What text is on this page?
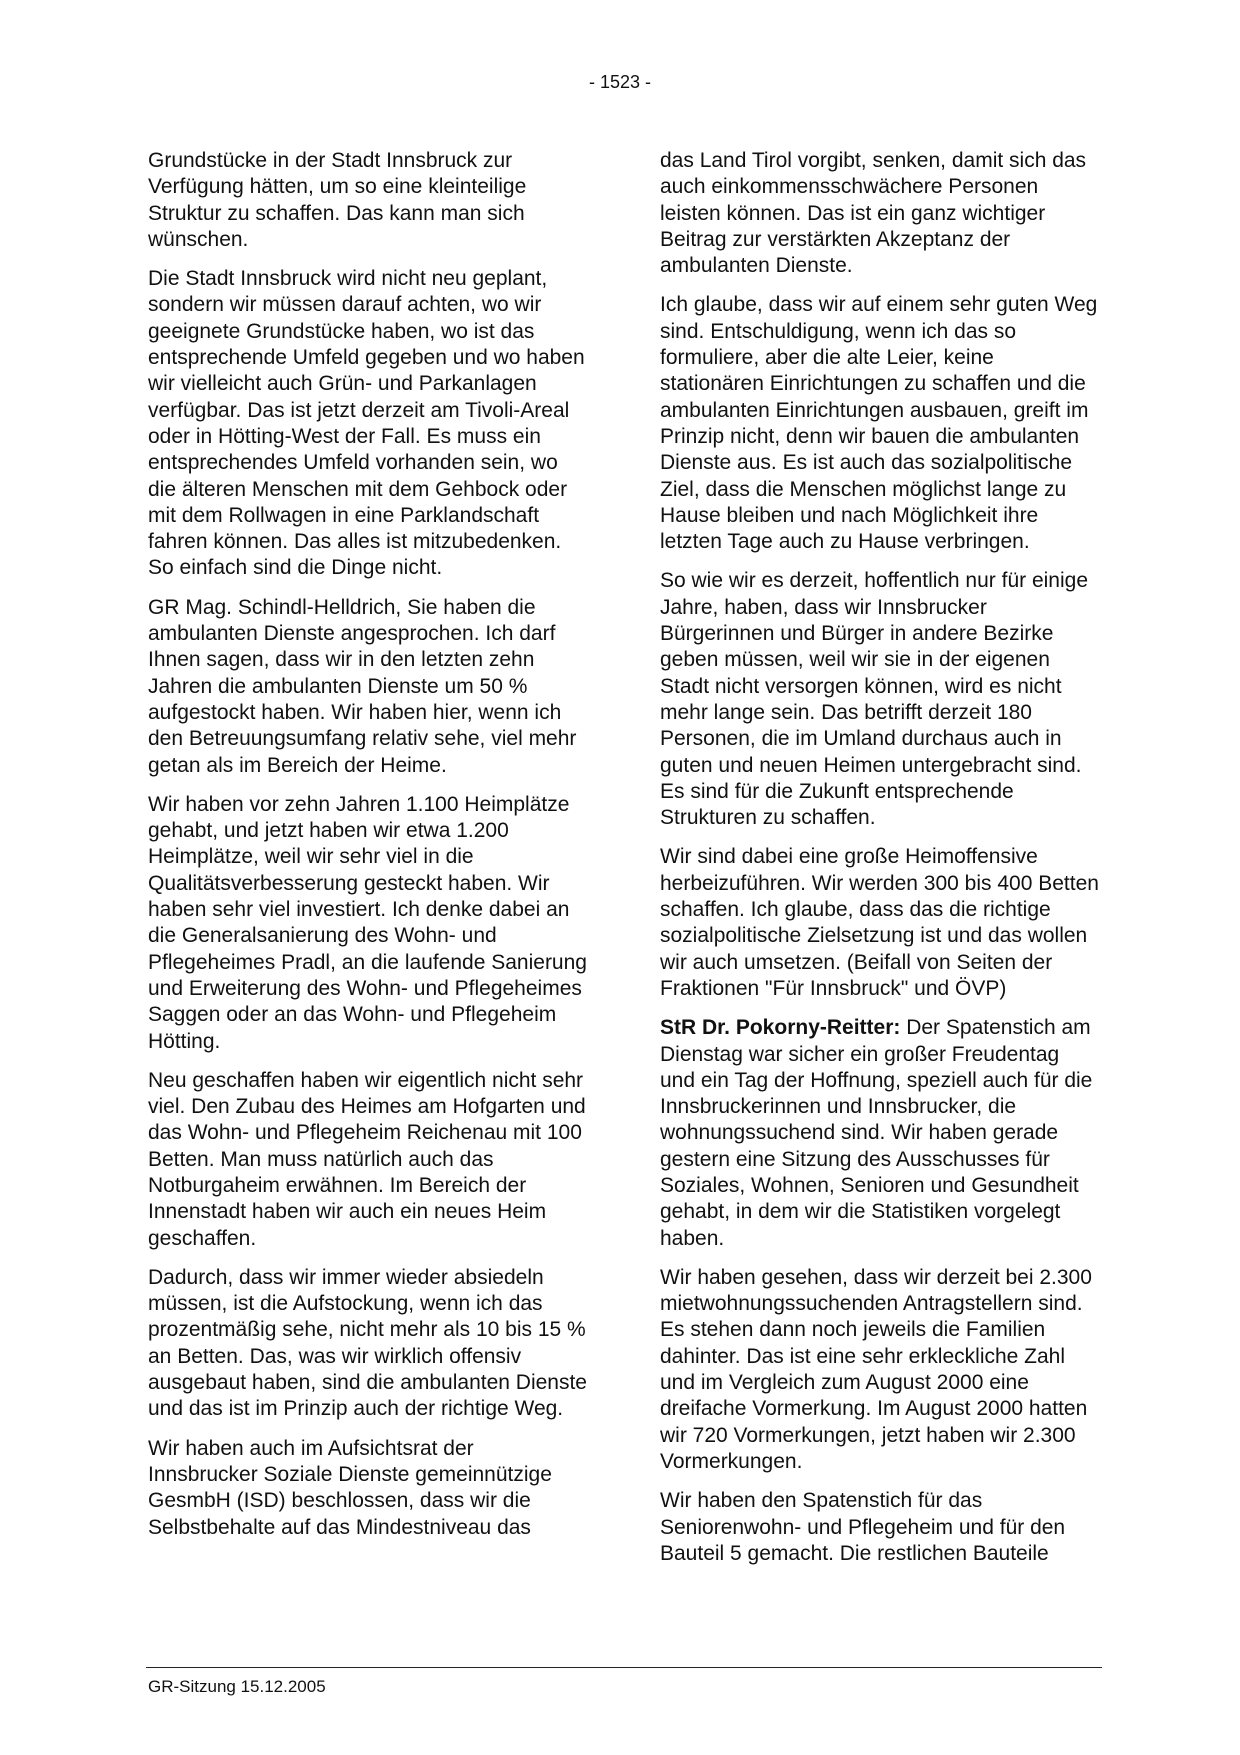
- 1523 -

Grundstücke in der Stadt Innsbruck zur Verfügung hätten, um so eine kleinteilige Struktur zu schaffen. Das kann man sich wünschen.

Die Stadt Innsbruck wird nicht neu geplant, sondern wir müssen darauf achten, wo wir geeignete Grundstücke haben, wo ist das entsprechende Umfeld gegeben und wo haben wir vielleicht auch Grün- und Parkanlagen verfügbar. Das ist jetzt derzeit am Tivoli-Areal oder in Hötting-West der Fall. Es muss ein entsprechendes Umfeld vorhanden sein, wo die älteren Menschen mit dem Gehbock oder mit dem Rollwagen in eine Parklandschaft fahren können. Das alles ist mitzubedenken. So einfach sind die Dinge nicht.

GR Mag. Schindl-Helldrich, Sie haben die ambulanten Dienste angesprochen. Ich darf Ihnen sagen, dass wir in den letzten zehn Jahren die ambulanten Dienste um 50 % aufgestockt haben. Wir haben hier, wenn ich den Betreuungsumfang relativ sehe, viel mehr getan als im Bereich der Heime.

Wir haben vor zehn Jahren 1.100 Heimplätze gehabt, und jetzt haben wir etwa 1.200 Heimplätze, weil wir sehr viel in die Qualitätsverbesserung gesteckt haben. Wir haben sehr viel investiert. Ich denke dabei an die Generalsanierung des Wohn- und Pflegeheimes Pradl, an die laufende Sanierung und Erweiterung des Wohn- und Pflegeheimes Saggen oder an das Wohn- und Pflegeheim Hötting.

Neu geschaffen haben wir eigentlich nicht sehr viel. Den Zubau des Heimes am Hofgarten und das Wohn- und Pflegeheim Reichenau mit 100 Betten. Man muss natürlich auch das Notburgaheim erwähnen. Im Bereich der Innenstadt haben wir auch ein neues Heim geschaffen.

Dadurch, dass wir immer wieder absiedeln müssen, ist die Aufstockung, wenn ich das prozentmäßig sehe, nicht mehr als 10 bis 15 % an Betten. Das, was wir wirklich offensiv ausgebaut haben, sind die ambulanten Dienste und das ist im Prinzip auch der richtige Weg.

Wir haben auch im Aufsichtsrat der Innsbrucker Soziale Dienste gemeinnützige GesmbH (ISD) beschlossen, dass wir die Selbstbehalte auf das Mindestniveau das

das Land Tirol vorgibt, senken, damit sich das auch einkommensschwächere Personen leisten können. Das ist ein ganz wichtiger Beitrag zur verstärkten Akzeptanz der ambulanten Dienste.

Ich glaube, dass wir auf einem sehr guten Weg sind. Entschuldigung, wenn ich das so formuliere, aber die alte Leier, keine stationären Einrichtungen zu schaffen und die ambulanten Einrichtungen ausbauen, greift im Prinzip nicht, denn wir bauen die ambulanten Dienste aus. Es ist auch das sozialpolitische Ziel, dass die Menschen möglichst lange zu Hause bleiben und nach Möglichkeit ihre letzten Tage auch zu Hause verbringen.

So wie wir es derzeit, hoffentlich nur für einige Jahre, haben, dass wir Innsbrucker Bürgerinnen und Bürger in andere Bezirke geben müssen, weil wir sie in der eigenen Stadt nicht versorgen können, wird es nicht mehr lange sein. Das betrifft derzeit 180 Personen, die im Umland durchaus auch in guten und neuen Heimen untergebracht sind. Es sind für die Zukunft entsprechende Strukturen zu schaffen.

Wir sind dabei eine große Heimoffensive herbeizuführen. Wir werden 300 bis 400 Betten schaffen. Ich glaube, dass das die richtige sozialpolitische Zielsetzung ist und das wollen wir auch umsetzen. (Beifall von Seiten der Fraktionen "Für Innsbruck" und ÖVP)

StR Dr. Pokorny-Reitter: Der Spatenstich am Dienstag war sicher ein großer Freudentag und ein Tag der Hoffnung, speziell auch für die Innsbruckerinnen und Innsbrucker, die wohnungssuchend sind. Wir haben gerade gestern eine Sitzung des Ausschusses für Soziales, Wohnen, Senioren und Gesundheit gehabt, in dem wir die Statistiken vorgelegt haben.

Wir haben gesehen, dass wir derzeit bei 2.300 mietwohnungssuchenden Antragstellern sind. Es stehen dann noch jeweils die Familien dahinter. Das ist eine sehr erkleckliche Zahl und im Vergleich zum August 2000 eine dreifache Vormerkung. Im August 2000 hatten wir 720 Vormerkungen, jetzt haben wir 2.300 Vormerkungen.

Wir haben den Spatenstich für das Seniorenwohn- und Pflegeheim und für den Bauteil 5 gemacht. Die restlichen Bauteile

GR-Sitzung 15.12.2005
